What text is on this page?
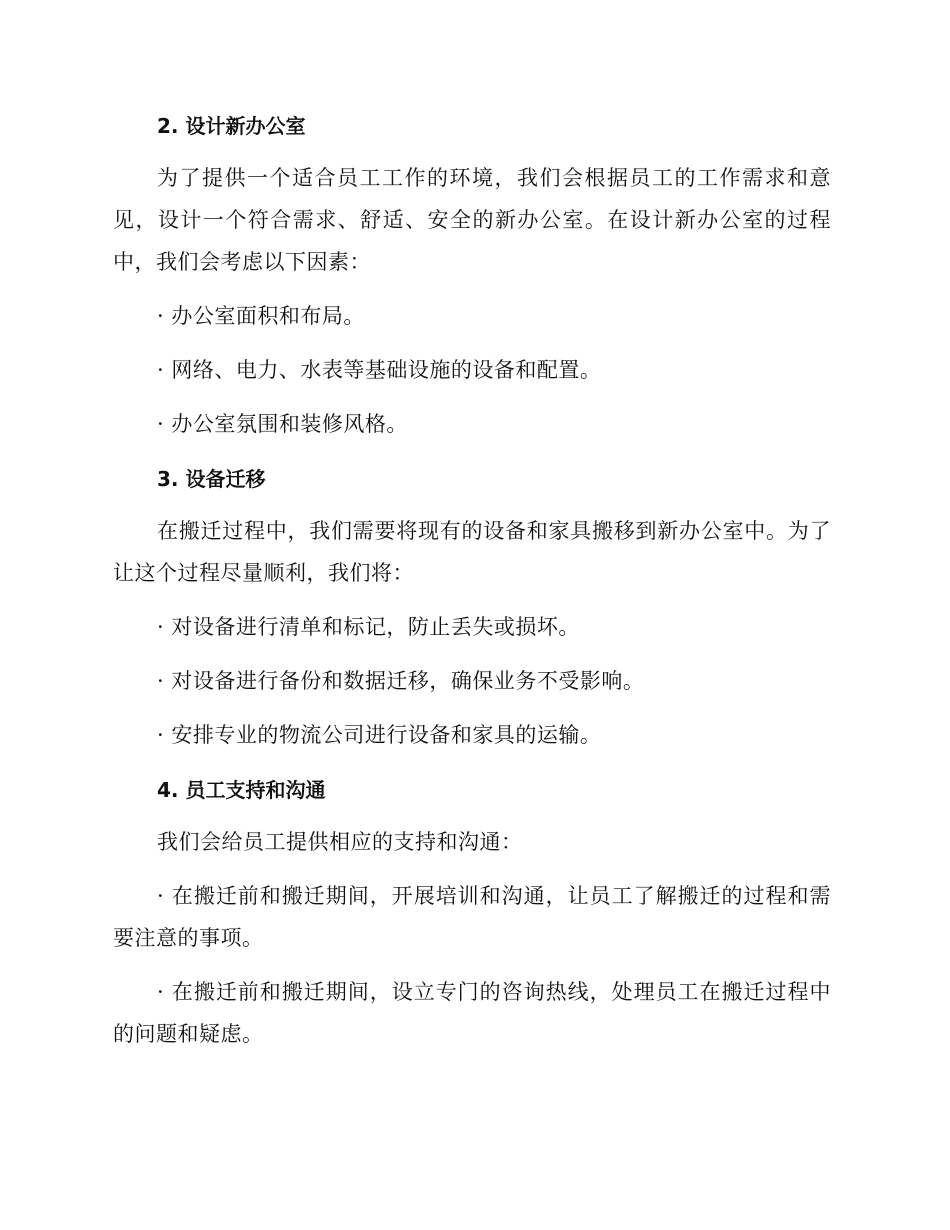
2. 设计新办公室
为了提供一个适合员工工作的环境，我们会根据员工的工作需求和意见，设计一个符合需求、舒适、安全的新办公室。在设计新办公室的过程中，我们会考虑以下因素：
· 办公室面积和布局。
· 网络、电力、水表等基础设施的设备和配置。
· 办公室氛围和装修风格。
3. 设备迁移
在搬迁过程中，我们需要将现有的设备和家具搬移到新办公室中。为了让这个过程尽量顺利，我们将：
· 对设备进行清单和标记，防止丢失或损坏。
· 对设备进行备份和数据迁移，确保业务不受影响。
· 安排专业的物流公司进行设备和家具的运输。
4. 员工支持和沟通
我们会给员工提供相应的支持和沟通：
· 在搬迁前和搬迁期间，开展培训和沟通，让员工了解搬迁的过程和需要注意的事项。
· 在搬迁前和搬迁期间，设立专门的咨询热线，处理员工在搬迁过程中的问题和疑虑。
